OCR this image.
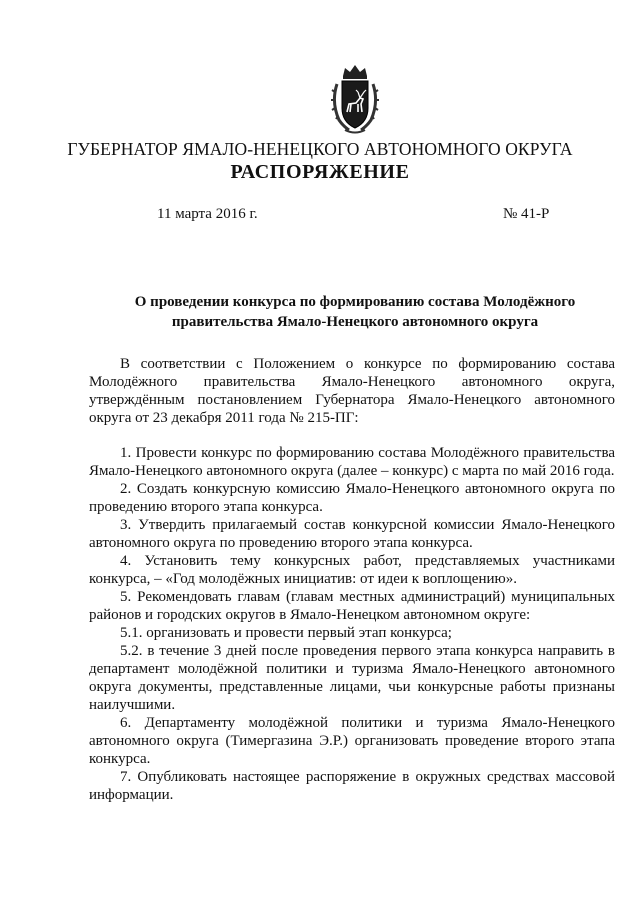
ГУБЕРНАТОР ЯМАЛО-НЕНЕЦКОГО АВТОНОМНОГО ОКРУГА
РАСПОРЯЖЕНИЕ
11 марта 2016 г.	№ 41-Р
О проведении конкурса по формированию состава Молодёжного правительства Ямало-Ненецкого автономного округа

В соответствии с Положением о конкурсе по формированию состава Молодёжного правительства Ямало-Ненецкого автономного округа, утверждённым постановлением Губернатора Ямало-Ненецкого автономного округа от 23 декабря 2011 года № 215-ПГ:

1. Провести конкурс по формированию состава Молодёжного правительства Ямало-Ненецкого автономного округа (далее – конкурс) с марта по май 2016 года.

2. Создать конкурсную комиссию Ямало-Ненецкого автономного округа по проведению второго этапа конкурса.

3. Утвердить прилагаемый состав конкурсной комиссии Ямало-Ненецкого автономного округа по проведению второго этапа конкурса.

4. Установить тему конкурсных работ, представляемых участниками конкурса, – «Год молодёжных инициатив: от идеи к воплощению».

5. Рекомендовать главам (главам местных администраций) муниципальных районов и городских округов в Ямало-Ненецком автономном округе:

5.1. организовать и провести первый этап конкурса;

5.2. в течение 3 дней после проведения первого этапа конкурса направить в департамент молодёжной политики и туризма Ямало-Ненецкого автономного округа документы, представленные лицами, чьи конкурсные работы признаны наилучшими.

6. Департаменту молодёжной политики и туризма Ямало-Ненецкого автономного округа (Тимергазина Э.Р.) организовать проведение второго этапа конкурса.

7. Опубликовать настоящее распоряжение в окружных средствах массовой информации.
